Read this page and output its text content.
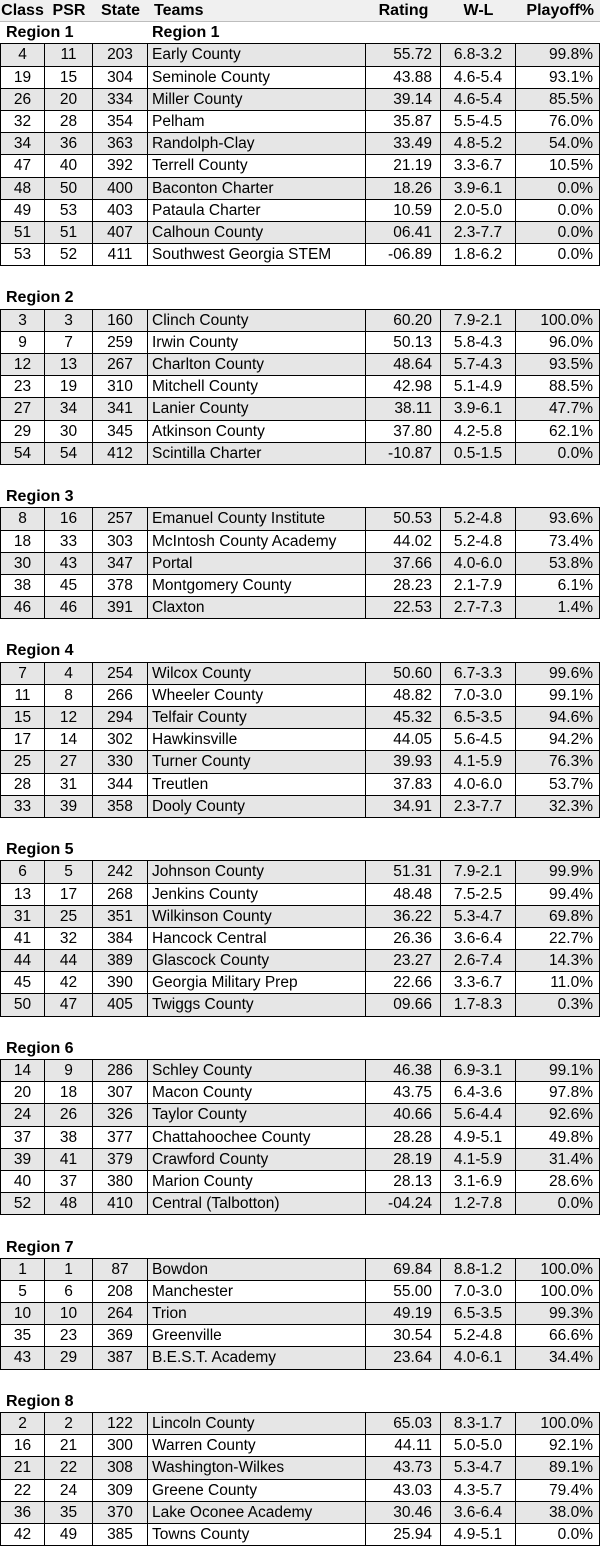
Class PSR State Teams	Rating	W-L	Playoff%
Region 1	Region 1
4	11	203	Early County	55.72	6.8-3.2	99.8%
19	15	304	Seminole County	43.88	4.6-5.4	93.1%
26	20	334	Miller County	39.14	4.6-5.4	85.5%
32	28	354	Pelham	35.87	5.5-4.5	76.0%
34	36	363	Randolph-Clay	33.49	4.8-5.2	54.0%
47	40	392	Terrell County	21.19	3.3-6.7	10.5%
48	50	400	Baconton Charter	18.26	3.9-6.1	0.0%
49	53	403	Pataula Charter	10.59	2.0-5.0	0.0%
51	51	407	Calhoun County	06.41	2.3-7.7	0.0%
53	52	411	Southwest Georgia STEM	-06.89	1.8-6.2	0.0%
Region 2
3	3	160	Clinch County	60.20	7.9-2.1	100.0%
9	7	259	Irwin County	50.13	5.8-4.3	96.0%
12	13	267	Charlton County	48.64	5.7-4.3	93.5%
23	19	310	Mitchell County	42.98	5.1-4.9	88.5%
27	34	341	Lanier County	38.11	3.9-6.1	47.7%
29	30	345	Atkinson County	37.80	4.2-5.8	62.1%
54	54	412	Scintilla Charter	-10.87	0.5-1.5	0.0%
Region 3
8	16	257	Emanuel County Institute	50.53	5.2-4.8	93.6%
18	33	303	McIntosh County Academy	44.02	5.2-4.8	73.4%
30	43	347	Portal	37.66	4.0-6.0	53.8%
38	45	378	Montgomery County	28.23	2.1-7.9	6.1%
46	46	391	Claxton	22.53	2.7-7.3	1.4%
Region 4
7	4	254	Wilcox County	50.60	6.7-3.3	99.6%
11	8	266	Wheeler County	48.82	7.0-3.0	99.1%
15	12	294	Telfair County	45.32	6.5-3.5	94.6%
17	14	302	Hawkinsville	44.05	5.6-4.5	94.2%
25	27	330	Turner County	39.93	4.1-5.9	76.3%
28	31	344	Treutlen	37.83	4.0-6.0	53.7%
33	39	358	Dooly County	34.91	2.3-7.7	32.3%
Region 5
6	5	242	Johnson County	51.31	7.9-2.1	99.9%
13	17	268	Jenkins County	48.48	7.5-2.5	99.4%
31	25	351	Wilkinson County	36.22	5.3-4.7	69.8%
41	32	384	Hancock Central	26.36	3.6-6.4	22.7%
44	44	389	Glascock County	23.27	2.6-7.4	14.3%
45	42	390	Georgia Military Prep	22.66	3.3-6.7	11.0%
50	47	405	Twiggs County	09.66	1.7-8.3	0.3%
Region 6
14	9	286	Schley County	46.38	6.9-3.1	99.1%
20	18	307	Macon County	43.75	6.4-3.6	97.8%
24	26	326	Taylor County	40.66	5.6-4.4	92.6%
37	38	377	Chattahoochee County	28.28	4.9-5.1	49.8%
39	41	379	Crawford County	28.19	4.1-5.9	31.4%
40	37	380	Marion County	28.13	3.1-6.9	28.6%
52	48	410	Central (Talbotton)	-04.24	1.2-7.8	0.0%
Region 7
1	1	87	Bowdon	69.84	8.8-1.2	100.0%
5	6	208	Manchester	55.00	7.0-3.0	100.0%
10	10	264	Trion	49.19	6.5-3.5	99.3%
35	23	369	Greenville	30.54	5.2-4.8	66.6%
43	29	387	B.E.S.T. Academy	23.64	4.0-6.1	34.4%
Region 8
2	2	122	Lincoln County	65.03	8.3-1.7	100.0%
16	21	300	Warren County	44.11	5.0-5.0	92.1%
21	22	308	Washington-Wilkes	43.73	5.3-4.7	89.1%
22	24	309	Greene County	43.03	4.3-5.7	79.4%
36	35	370	Lake Oconee Academy	30.46	3.6-6.4	38.0%
42	49	385	Towns County	25.94	4.9-5.1	0.0%
